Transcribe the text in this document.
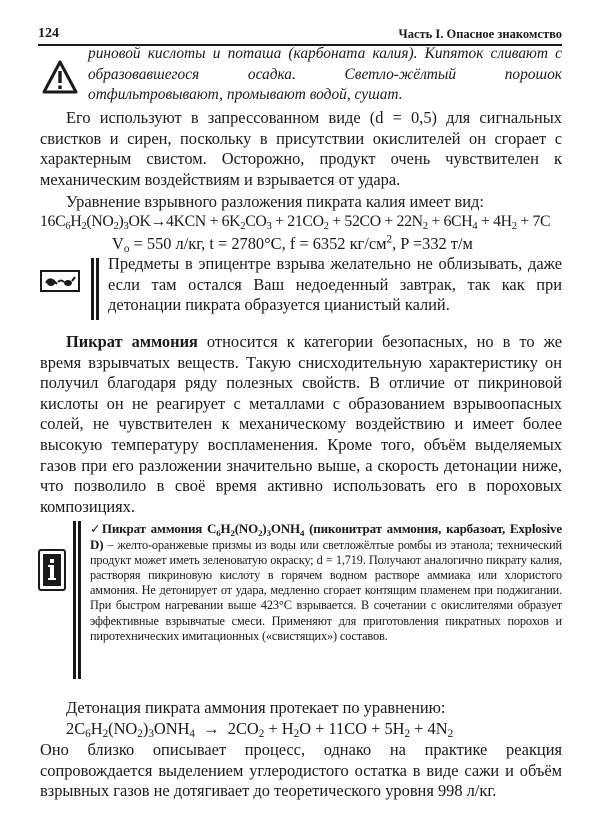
124	Часть I. Опасное знакомство
риновой кислоты и поташа (карбоната калия). Кипяток сливают с образовавшегося осадка. Светло-жёлтый порошок отфильтровывают, промывают водой, сушат.
Его используют в запрессованном виде (d = 0,5) для сигнальных свистков и сирен, поскольку в присутствии окислителей он сгорает с характерным свистом. Осторожно, продукт очень чувствителен к механическим воздействиям и взрывается от удара.
Уравнение взрывного разложения пикрата калия имеет вид:
$16C_6H_2(NO_2)_3OK\to 4KCN + 6K_2CO_3 + 21CO_2 + 52CO + 22N_2 + 6CH_4 + 4H_2 + 7C$
$V_o = 550$ л/кг, t = 2780°C, f = 6352 $кг/см^2$, P =332 т/м
Предметы в эпицентре взрыва желательно не облизывать, даже если там остался Ваш недоеденный завтрак, так как при детонации пикрата образуется цианистый калий.
Пикрат аммония относится к категории безопасных, но в то же время взрывчатых веществ. Такую снисходительную характеристику он получил благодаря ряду полезных свойств. В отличие от пикриновой кислоты он не реагирует с металлами с образованием взрывоопасных солей, не чувствителен к механическому воздействию и имеет более высокую температуру воспламенения. Кроме того, объём выделяемых газов при его разложении значительно выше, а скорость детонации ниже, что позволило в своё время активно использовать его в пороховых композициях.
✓Пикрат аммония $C_6H_2(NO_2)_3ONH_4$ (пиконитрат аммония, карбазоат, Explosive D) – желто-оранжевые призмы из воды или светложёлтые ромбы из этанола; технический продукт может иметь зеленоватую окраску; d = 1,719. Получают аналогично пикрату калия, растворяя пикриновую кислоту в горячем водном растворе аммиака или хлористого аммония. Не детонирует от удара, медленно сгорает контящим пламенем при поджигании. При быстром нагревании выше 423°C взрывается. В сочетании с окислителями образует эффективные взрывчатые смеси. Применяют для приготовления пикратных порохов и пиротехнических имитационных («свистящих») составов.
Детонация пикрата аммония протекает по уравнению:
$2C_6H_2(NO_2)_3ONH_4 \to 2CO_2 + H_2O + 11CO + 5H_2 + 4N_2$
Оно близко описывает процесс, однако на практике реакция сопровождается выделением углеродистого остатка в виде сажи и объём взрывных газов не дотягивает до теоретического уровня 998 л/кг.
